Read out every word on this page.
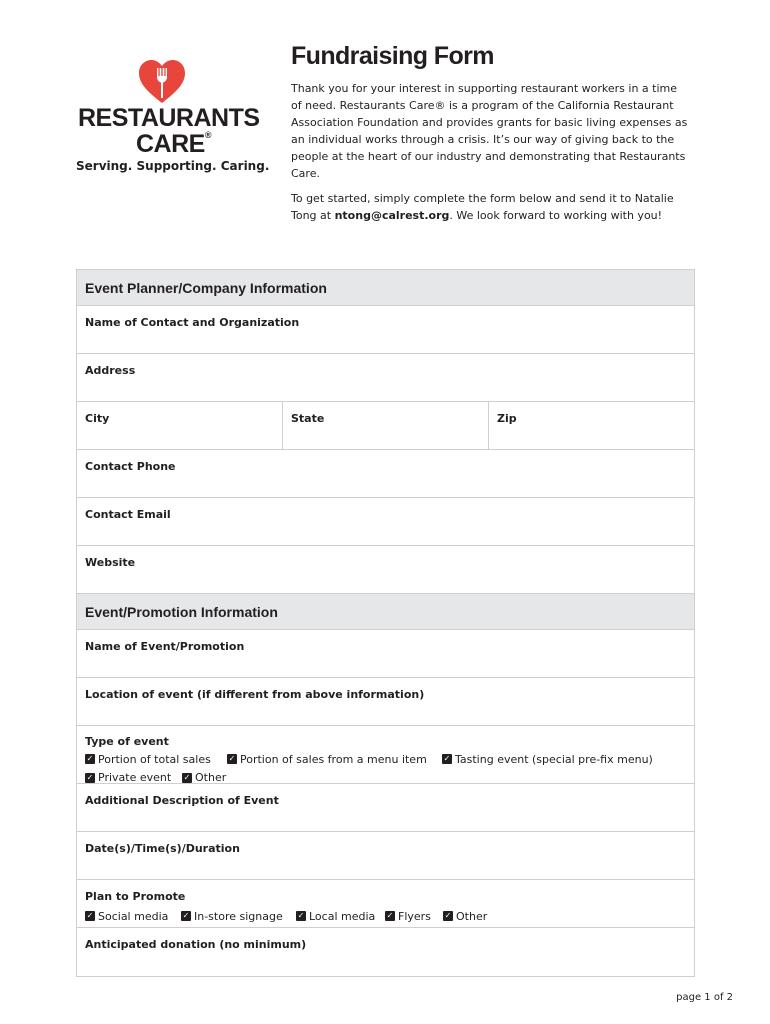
RESTAURANTS
CARE®
Serving. Supporting. Caring.
Fundraising Form

Thank you for your interest in supporting restaurant workers in a time of need. Restaurants Care® is a program of the California Restaurant Association Foundation and provides grants for basic living expenses as an individual works through a crisis. It’s our way of giving back to the people at the heart of our industry and demonstrating that Restaurants Care.

To get started, simply complete the form below and send it to Natalie Tong at ntong@calrest.org. We look forward to working with you!

Event Planner/Company Information
Name of Contact and Organization
Address
City	State	Zip
Contact Phone
Contact Email
Website
Event/Promotion Information
Name of Event/Promotion
Location of event (if different from above information)
Type of event
✓ Portion of total sales ✓ Portion of sales from a menu item ✓ Tasting event (special pre-fix menu)

✓ Private event ✓ Other
Additional Description of Event
Date(s)/Time(s)/Duration
Plan to Promote
✓ Social media ✓ In-store signage ✓ Local media ✓ Flyers ✓ Other
Anticipated donation (no minimum)
page 1 of 2
